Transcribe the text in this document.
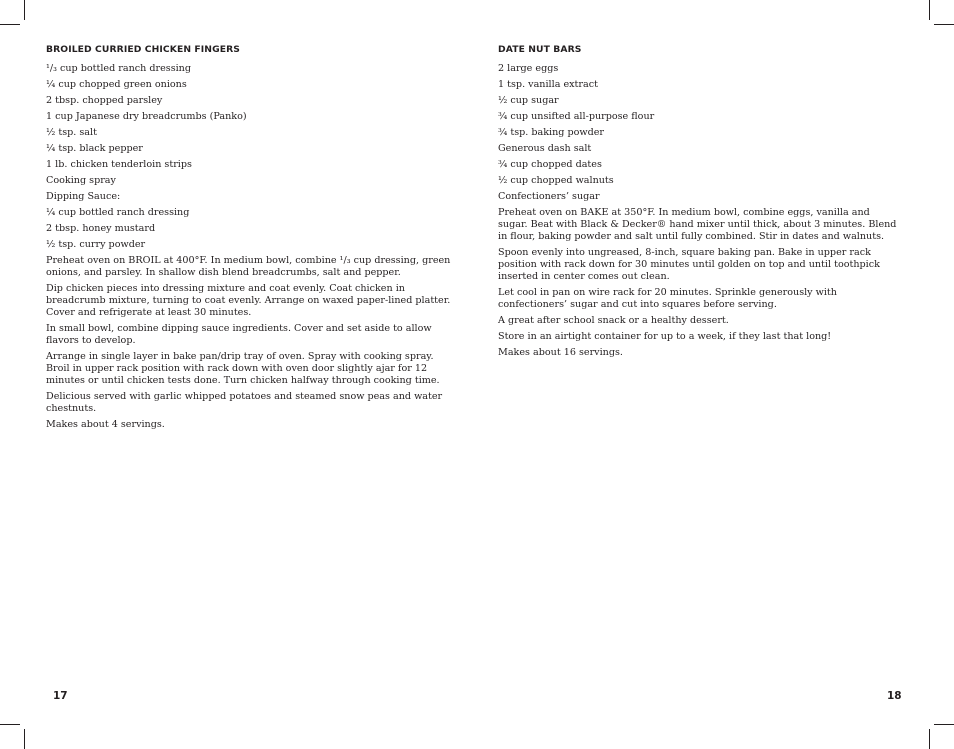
BROILED CURRIED CHICKEN FINGERS
¹/₃ cup bottled ranch dressing
¼ cup chopped green onions
2 tbsp. chopped parsley
1 cup Japanese dry breadcrumbs (Panko)
½ tsp. salt
¼ tsp. black pepper
1 lb. chicken tenderloin strips
Cooking spray
Dipping Sauce:
¼ cup bottled ranch dressing
2 tbsp. honey mustard
½ tsp. curry powder

Preheat oven on BROIL at 400°F. In medium bowl, combine ¹/₃ cup dressing, green onions, and parsley. In shallow dish blend breadcrumbs, salt and pepper.

Dip chicken pieces into dressing mixture and coat evenly. Coat chicken in breadcrumb mixture, turning to coat evenly. Arrange on waxed paper-lined platter. Cover and refrigerate at least 30 minutes.

In small bowl, combine dipping sauce ingredients. Cover and set aside to allow flavors to develop.

Arrange in single layer in bake pan/drip tray of oven. Spray with cooking spray. Broil in upper rack position with rack down with oven door slightly ajar for 12 minutes or until chicken tests done. Turn chicken halfway through cooking time.

Delicious served with garlic whipped potatoes and steamed snow peas and water chestnuts.

Makes about 4 servings.

17
DATE NUT BARS
2 large eggs
1 tsp. vanilla extract
½ cup sugar
¾ cup unsifted all-purpose flour
¾ tsp. baking powder
Generous dash salt
¾ cup chopped dates
½ cup chopped walnuts
Confectioners’ sugar

Preheat oven on BAKE at 350°F. In medium bowl, combine eggs, vanilla and sugar. Beat with Black & Decker® hand mixer until thick, about 3 minutes. Blend in flour, baking powder and salt until fully combined. Stir in dates and walnuts.

Spoon evenly into ungreased, 8-inch, square baking pan. Bake in upper rack position with rack down for 30 minutes until golden on top and until toothpick inserted in center comes out clean.

Let cool in pan on wire rack for 20 minutes. Sprinkle generously with confectioners’ sugar and cut into squares before serving.

A great after school snack or a healthy dessert.

Store in an airtight container for up to a week, if they last that long!

Makes about 16 servings.

18
